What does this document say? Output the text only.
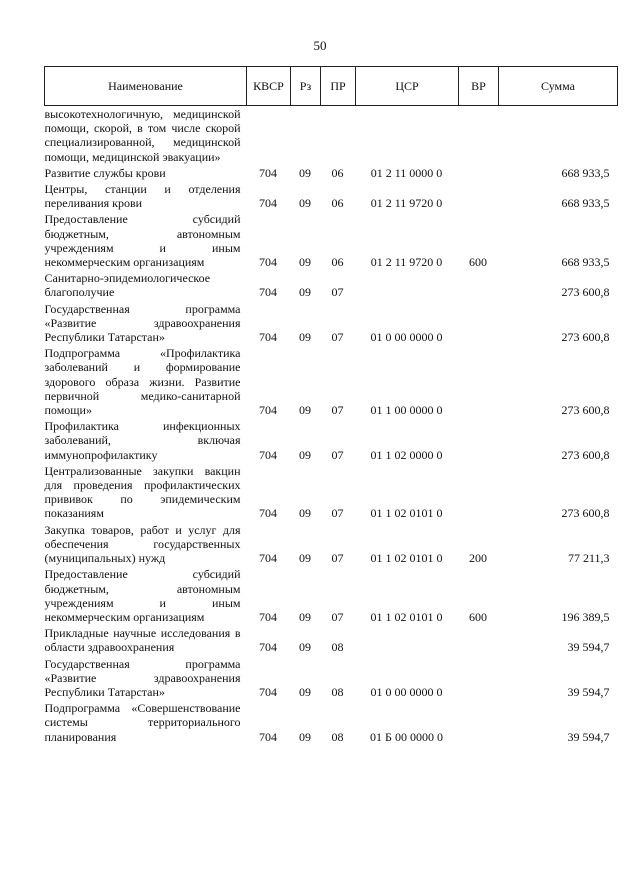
50
Наименование	КВСР	Рз	ПР	ЦСР	ВР	Сумма
высокотехнологичную, медицинской помощи, скорой, в том числе скорой специализированной, медицинской помощи, медицинской эвакуации»						
Развитие службы крови	704	09	06	01 2 11 0000 0		668 933,5
Центры, станции и отделения переливания крови	704	09	06	01 2 11 9720 0		668 933,5
Предоставление субсидий бюджетным, автономным учреждениям и иным некоммерческим организациям	704	09	06	01 2 11 9720 0	600	668 933,5
Санитарно-эпидемиологическое благополучие	704	09	07			273 600,8
Государственная программа «Развитие здравоохранения Республики Татарстан»	704	09	07	01 0 00 0000 0		273 600,8
Подпрограмма «Профилактика заболеваний и формирование здорового образа жизни. Развитие первичной медико-санитарной помощи»	704	09	07	01 1 00 0000 0		273 600,8
Профилактика инфекционных заболеваний, включая иммунопрофилактику	704	09	07	01 1 02 0000 0		273 600,8
Централизованные закупки вакцин для проведения профилактических прививок по эпидемическим показаниям	704	09	07	01 1 02 0101 0		273 600,8
Закупка товаров, работ и услуг для обеспечения государственных (муниципальных) нужд	704	09	07	01 1 02 0101 0	200	77 211,3
Предоставление субсидий бюджетным, автономным учреждениям и иным некоммерческим организациям	704	09	07	01 1 02 0101 0	600	196 389,5
Прикладные научные исследования в области здравоохранения	704	09	08			39 594,7
Государственная программа «Развитие здравоохранения Республики Татарстан»	704	09	08	01 0 00 0000 0		39 594,7
Подпрограмма «Совершенствование системы территориального планирования	704	09	08	01 Б 00 0000 0		39 594,7
